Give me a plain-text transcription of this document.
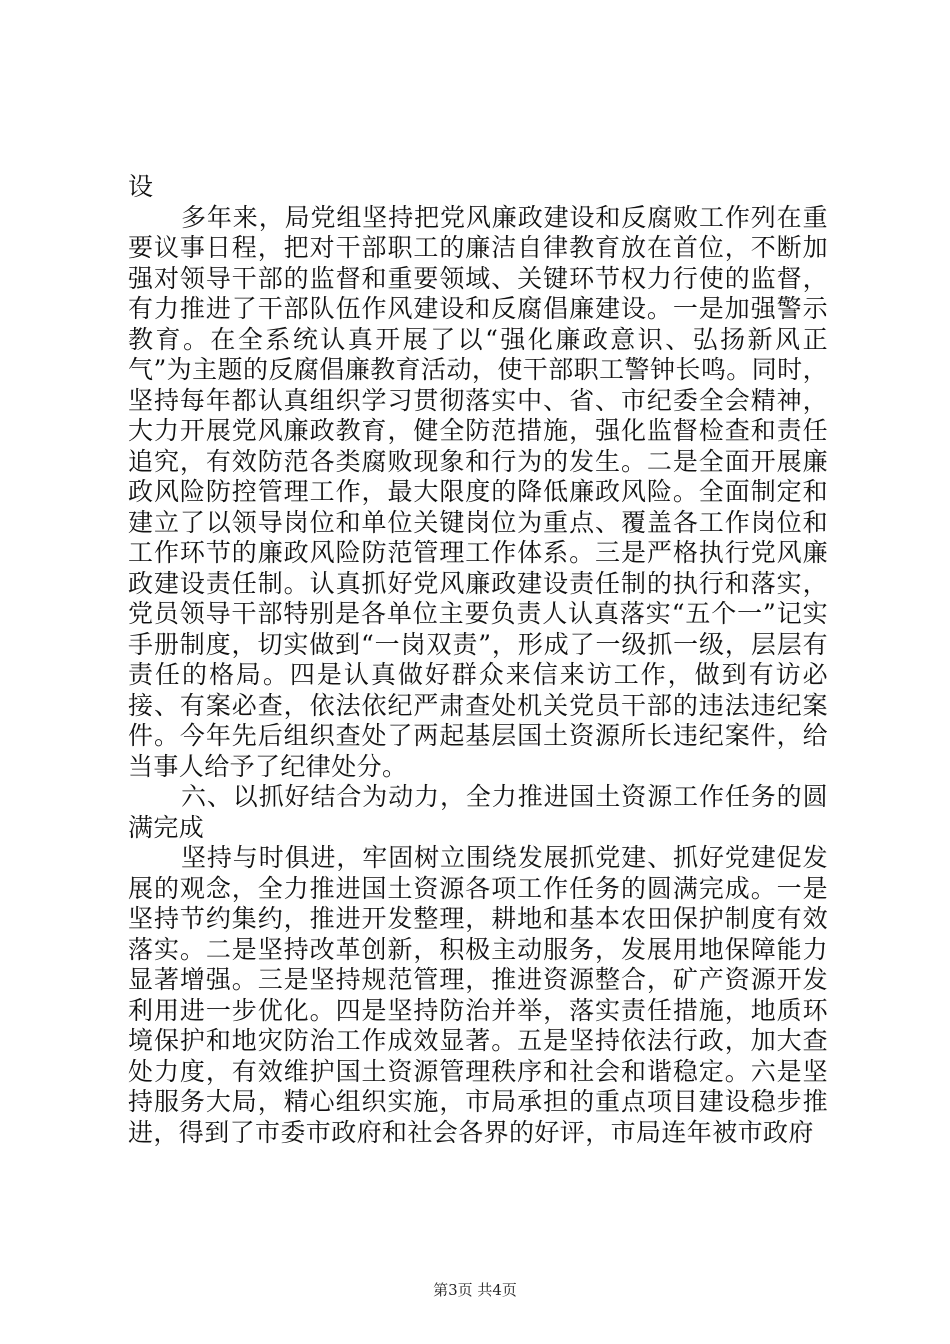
设

多年来，局党组坚持把党风廉政建设和反腐败工作列在重要议事日程，把对干部职工的廉洁自律教育放在首位，不断加强对领导干部的监督和重要领域、关键环节权力行使的监督，有力推进了干部队伍作风建设和反腐倡廉建设。一是加强警示教育。在全系统认真开展了以“强化廉政意识、弘扬新风正气”为主题的反腐倡廉教育活动，使干部职工警钟长鸣。同时，坚持每年都认真组织学习贯彻落实中、省、市纪委全会精神，大力开展党风廉政教育，健全防范措施，强化监督检查和责任追究，有效防范各类腐败现象和行为的发生。二是全面开展廉政风险防控管理工作，最大限度的降低廉政风险。全面制定和建立了以领导岗位和单位关键岗位为重点、覆盖各工作岗位和工作环节的廉政风险防范管理工作体系。三是严格执行党风廉政建设责任制。认真抓好党风廉政建设责任制的执行和落实，党员领导干部特别是各单位主要负责人认真落实“五个一”记实手册制度，切实做到“一岗双责”，形成了一级抓一级，层层有责任的格局。四是认真做好群众来信来访工作，做到有访必接、有案必查，依法依纪严肃查处机关党员干部的违法违纪案件。今年先后组织查处了两起基层国土资源所长违纪案件，给当事人给予了纪律处分。

六、以抓好结合为动力，全力推进国土资源工作任务的圆满完成

坚持与时俱进，牢固树立围绕发展抓党建、抓好党建促发展的观念，全力推进国土资源各项工作任务的圆满完成。一是坚持节约集约，推进开发整理，耕地和基本农田保护制度有效落实。二是坚持改革创新，积极主动服务，发展用地保障能力显著增强。三是坚持规范管理，推进资源整合，矿产资源开发利用进一步优化。四是坚持防治并举，落实责任措施，地质环境保护和地灾防治工作成效显著。五是坚持依法行政，加大查处力度，有效维护国土资源管理秩序和社会和谐稳定。六是坚持服务大局，精心组织实施，市局承担的重点项目建设稳步推进，得到了市委市政府和社会各界的好评，市局连年被市政府

第3页 共4页
